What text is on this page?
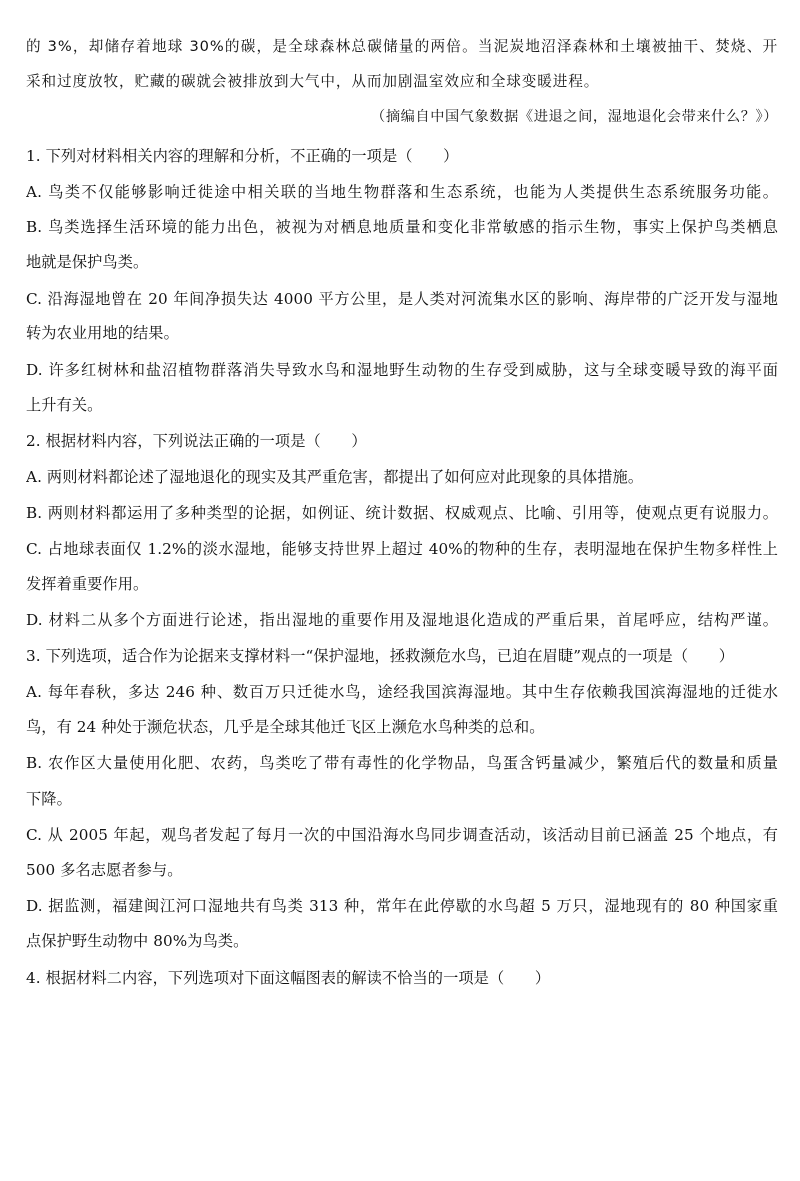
的 3%，却储存着地球 30%的碳，是全球森林总碳储量的两倍。当泥炭地沼泽森林和土壤被抽干、焚烧、开
采和过度放牧，贮藏的碳就会被排放到大气中，从而加剧温室效应和全球变暖进程。
（摘编自中国气象数据《进退之间，湿地退化会带来什么？》）
1. 下列对材料相关内容的理解和分析，不正确的一项是（　　）
A. 鸟类不仅能够影响迁徙途中相关联的当地生物群落和生态系统，也能为人类提供生态系统服务功能。
B. 鸟类选择生活环境的能力出色，被视为对栖息地质量和变化非常敏感的指示生物，事实上保护鸟类栖息
地就是保护鸟类。
C. 沿海湿地曾在 20 年间净损失达 4000 平方公里，是人类对河流集水区的影响、海岸带的广泛开发与湿地
转为农业用地的结果。
D. 许多红树林和盐沼植物群落消失导致水鸟和湿地野生动物的生存受到威胁，这与全球变暖导致的海平面
上升有关。
2. 根据材料内容，下列说法正确的一项是（　　）
A. 两则材料都论述了湿地退化的现实及其严重危害，都提出了如何应对此现象的具体措施。
B. 两则材料都运用了多种类型的论据，如例证、统计数据、权威观点、比喻、引用等，使观点更有说服力。
C. 占地球表面仅 1.2%的淡水湿地，能够支持世界上超过 40%的物种的生存，表明湿地在保护生物多样性上
发挥着重要作用。
D. 材料二从多个方面进行论述，指出湿地的重要作用及湿地退化造成的严重后果，首尾呼应，结构严谨。
3. 下列选项，适合作为论据来支撑材料一“保护湿地，拯救濒危水鸟，已迫在眉睫”观点的一项是（　　）
A. 每年春秋，多达 246 种、数百万只迁徙水鸟，途经我国滨海湿地。其中生存依赖我国滨海湿地的迁徙水
鸟，有 24 种处于濒危状态，几乎是全球其他迁飞区上濒危水鸟种类的总和。
B. 农作区大量使用化肥、农药，鸟类吃了带有毒性的化学物品，鸟蛋含钙量减少，繁殖后代的数量和质量
下降。
C. 从 2005 年起，观鸟者发起了每月一次的中国沿海水鸟同步调查活动，该活动目前已涵盖 25 个地点，有
500 多名志愿者参与。
D. 据监测，福建闽江河口湿地共有鸟类 313 种，常年在此停歇的水鸟超 5 万只，湿地现有的 80 种国家重
点保护野生动物中 80%为鸟类。
4. 根据材料二内容，下列选项对下面这幅图表的解读不恰当的一项是（　　）
